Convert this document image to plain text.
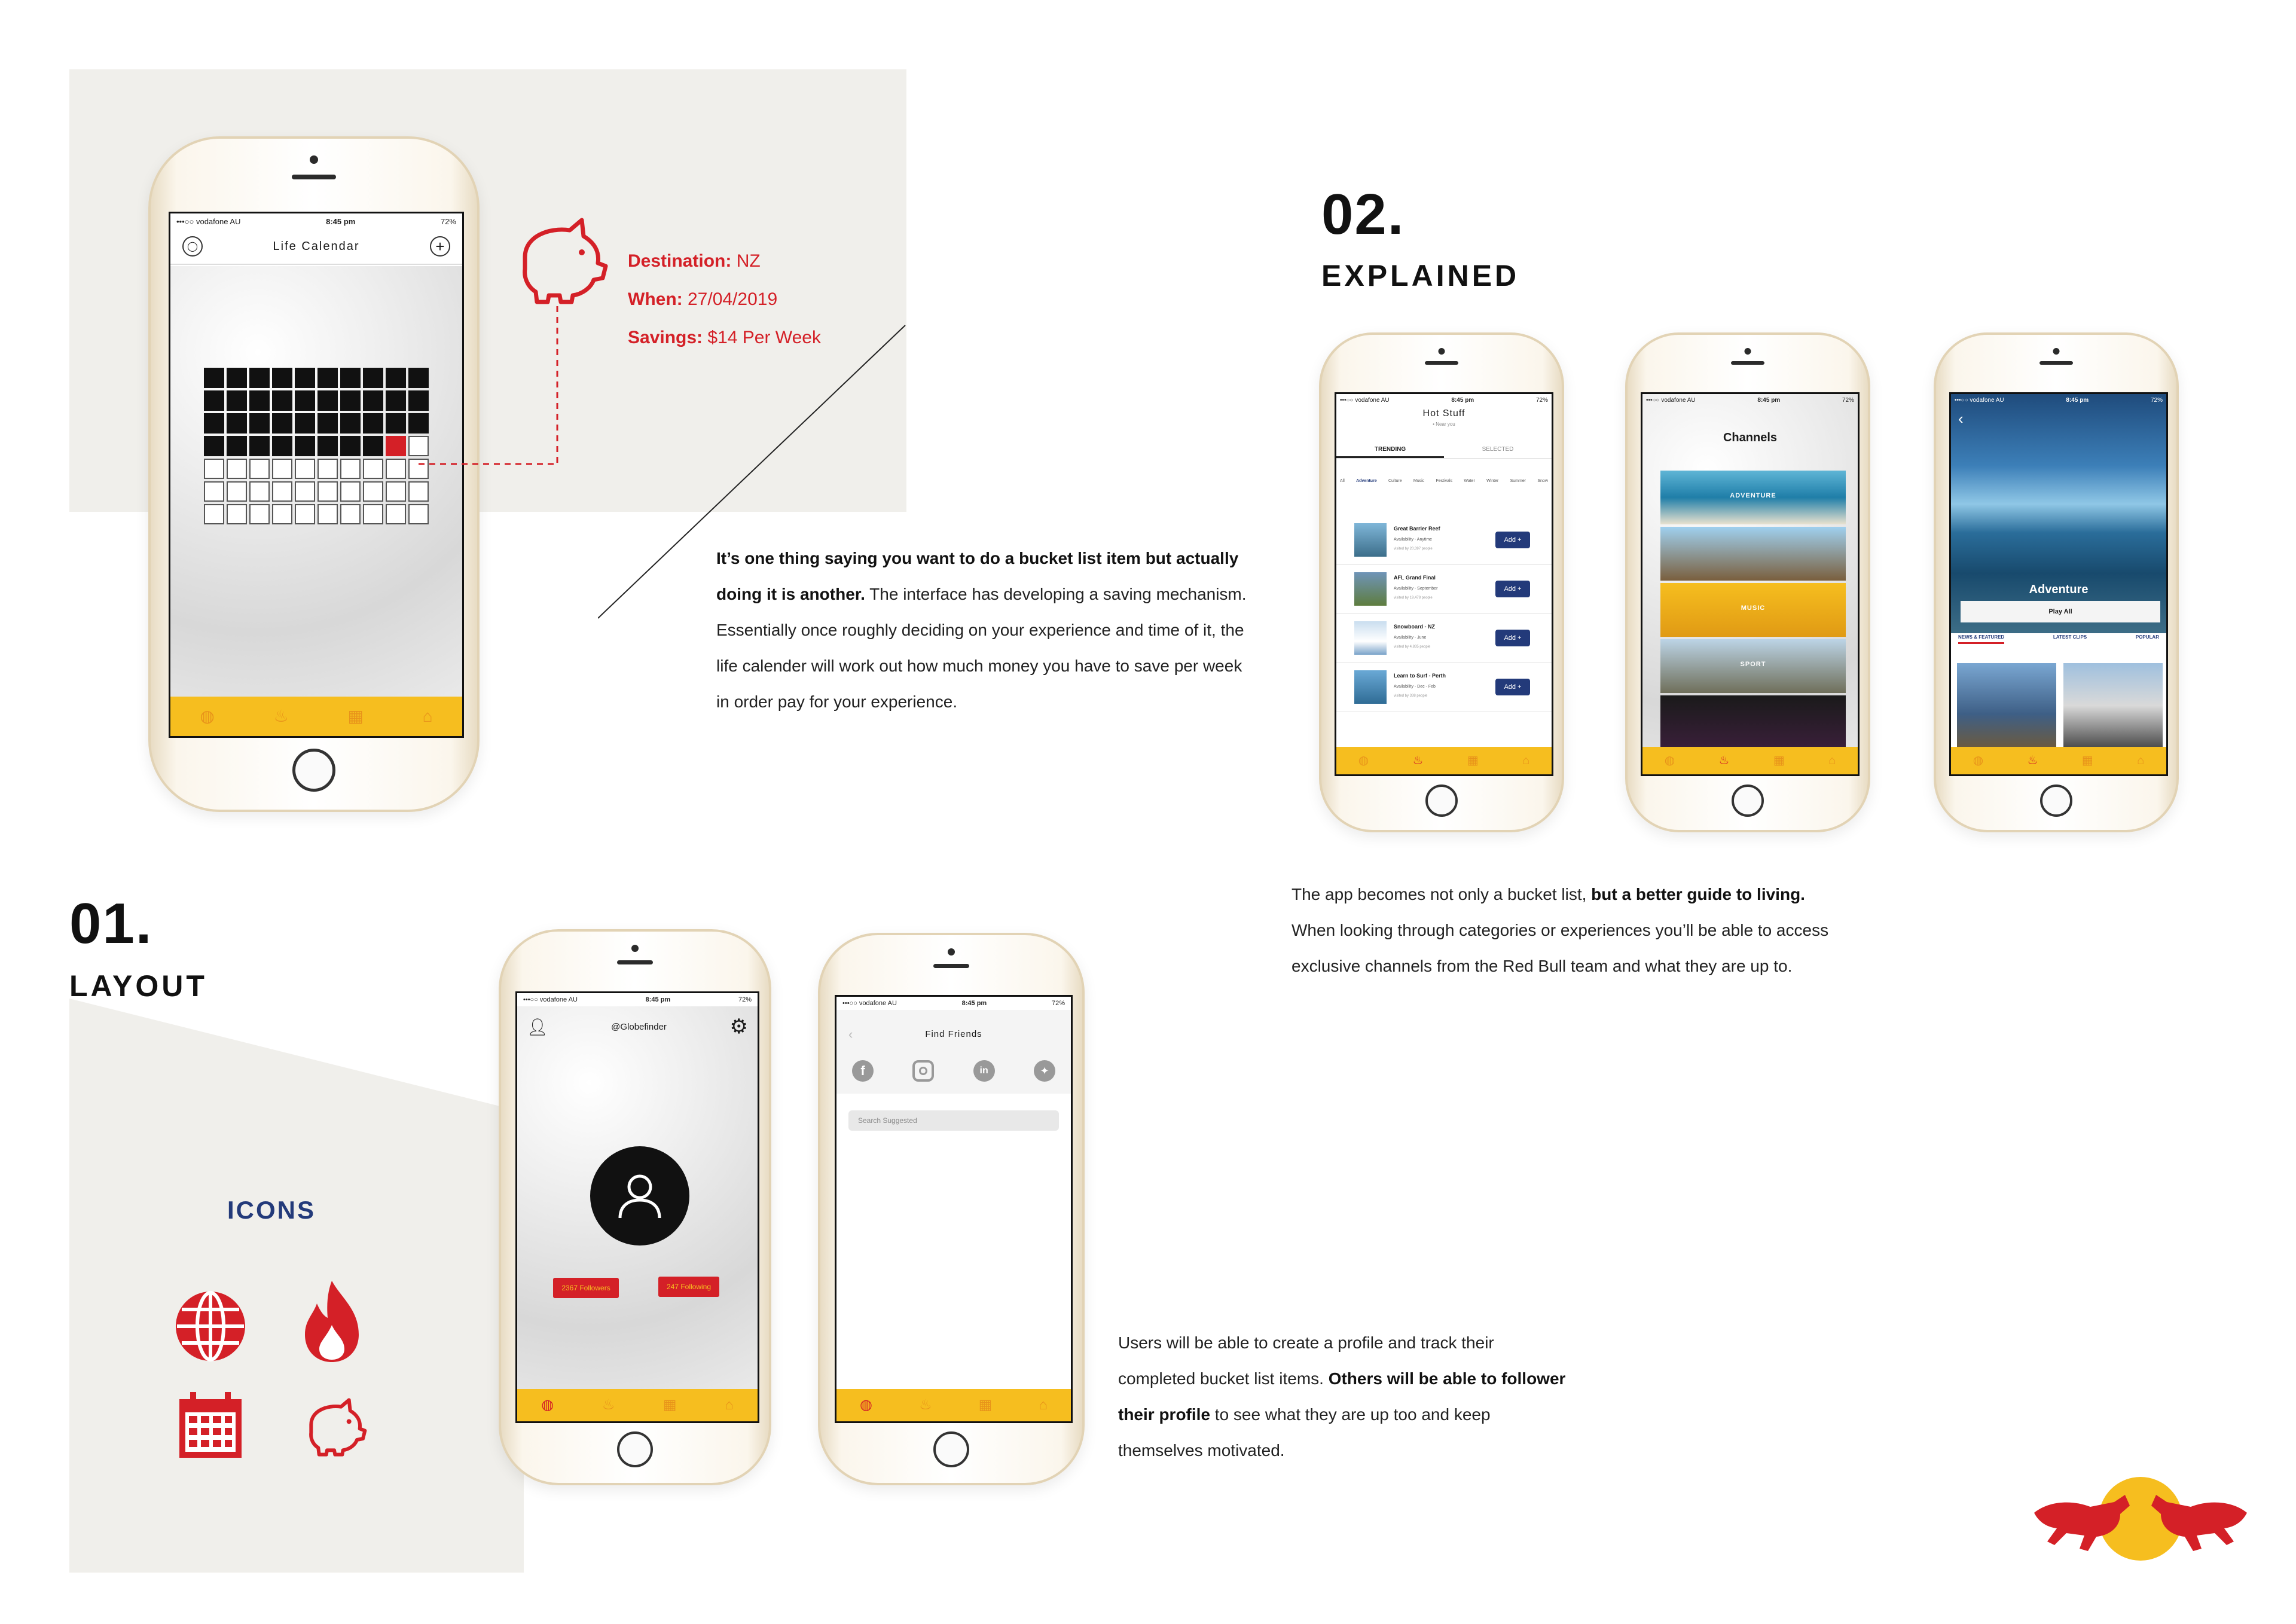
•••○○ vodafone AU	8:45 pm	72%
◯	Life Calendar	+
◍	♨	▦	⌂
Destination: NZ
When: 27/04/2019
Savings: $14 Per Week

It’s one thing saying you want to do a bucket list item but actually doing it is another. The interface has developing a saving mechanism. Essentially once roughly deciding on your experience and time of it, the life calender will work out how much money you have to save per week in order pay for your experience.

01.
LAYOUT
ICONS
•••○○ vodafone AU	8:45 pm	72%
👤︎	@Globefinder	⚙
2367 Followers	247 Following
◍	♨	▦	⌂
•••○○ vodafone AU	8:45 pm	72%
‹	Find Friends
f	in	✦
Search Suggested
◍	♨	▦	⌂

Users will be able to create a profile and track their completed bucket list items. Others will be able to follower their profile to see what they are up too and keep themselves motivated.

02.
EXPLAINED
•••○○ vodafone AU	8:45 pm	72%
Hot Stuff
• Near you
TRENDING	SELECTED
All	Adventure	Culture	Music	Festivals	Water	Winter	Summer	Snow
Great Barrier Reef
Availability - Anytime
visited by 20,397 people
Add +
AFL Grand Final
Availability - September
visited by 19,478 people
Add +
Snowboard - NZ
Availability - June
visited by 4,835 people
Add +
Learn to Surf - Perth
Availability - Dec - Feb
visited by 338 people
Add +
◍	♨	▦	⌂
•••○○ vodafone AU	8:45 pm	72%
Channels
ADVENTURE
MUSIC
SPORT
◍	♨	▦	⌂
•••○○ vodafone AU	8:45 pm	72%
‹
Adventure
Play All
NEWS & FEATURED	LATEST CLIPS	POPULAR
◍	♨	▦	⌂

The app becomes not only a bucket list, but a better guide to living. When looking through categories or experiences you’ll be able to access exclusive channels from the Red Bull team and what they are up to.
